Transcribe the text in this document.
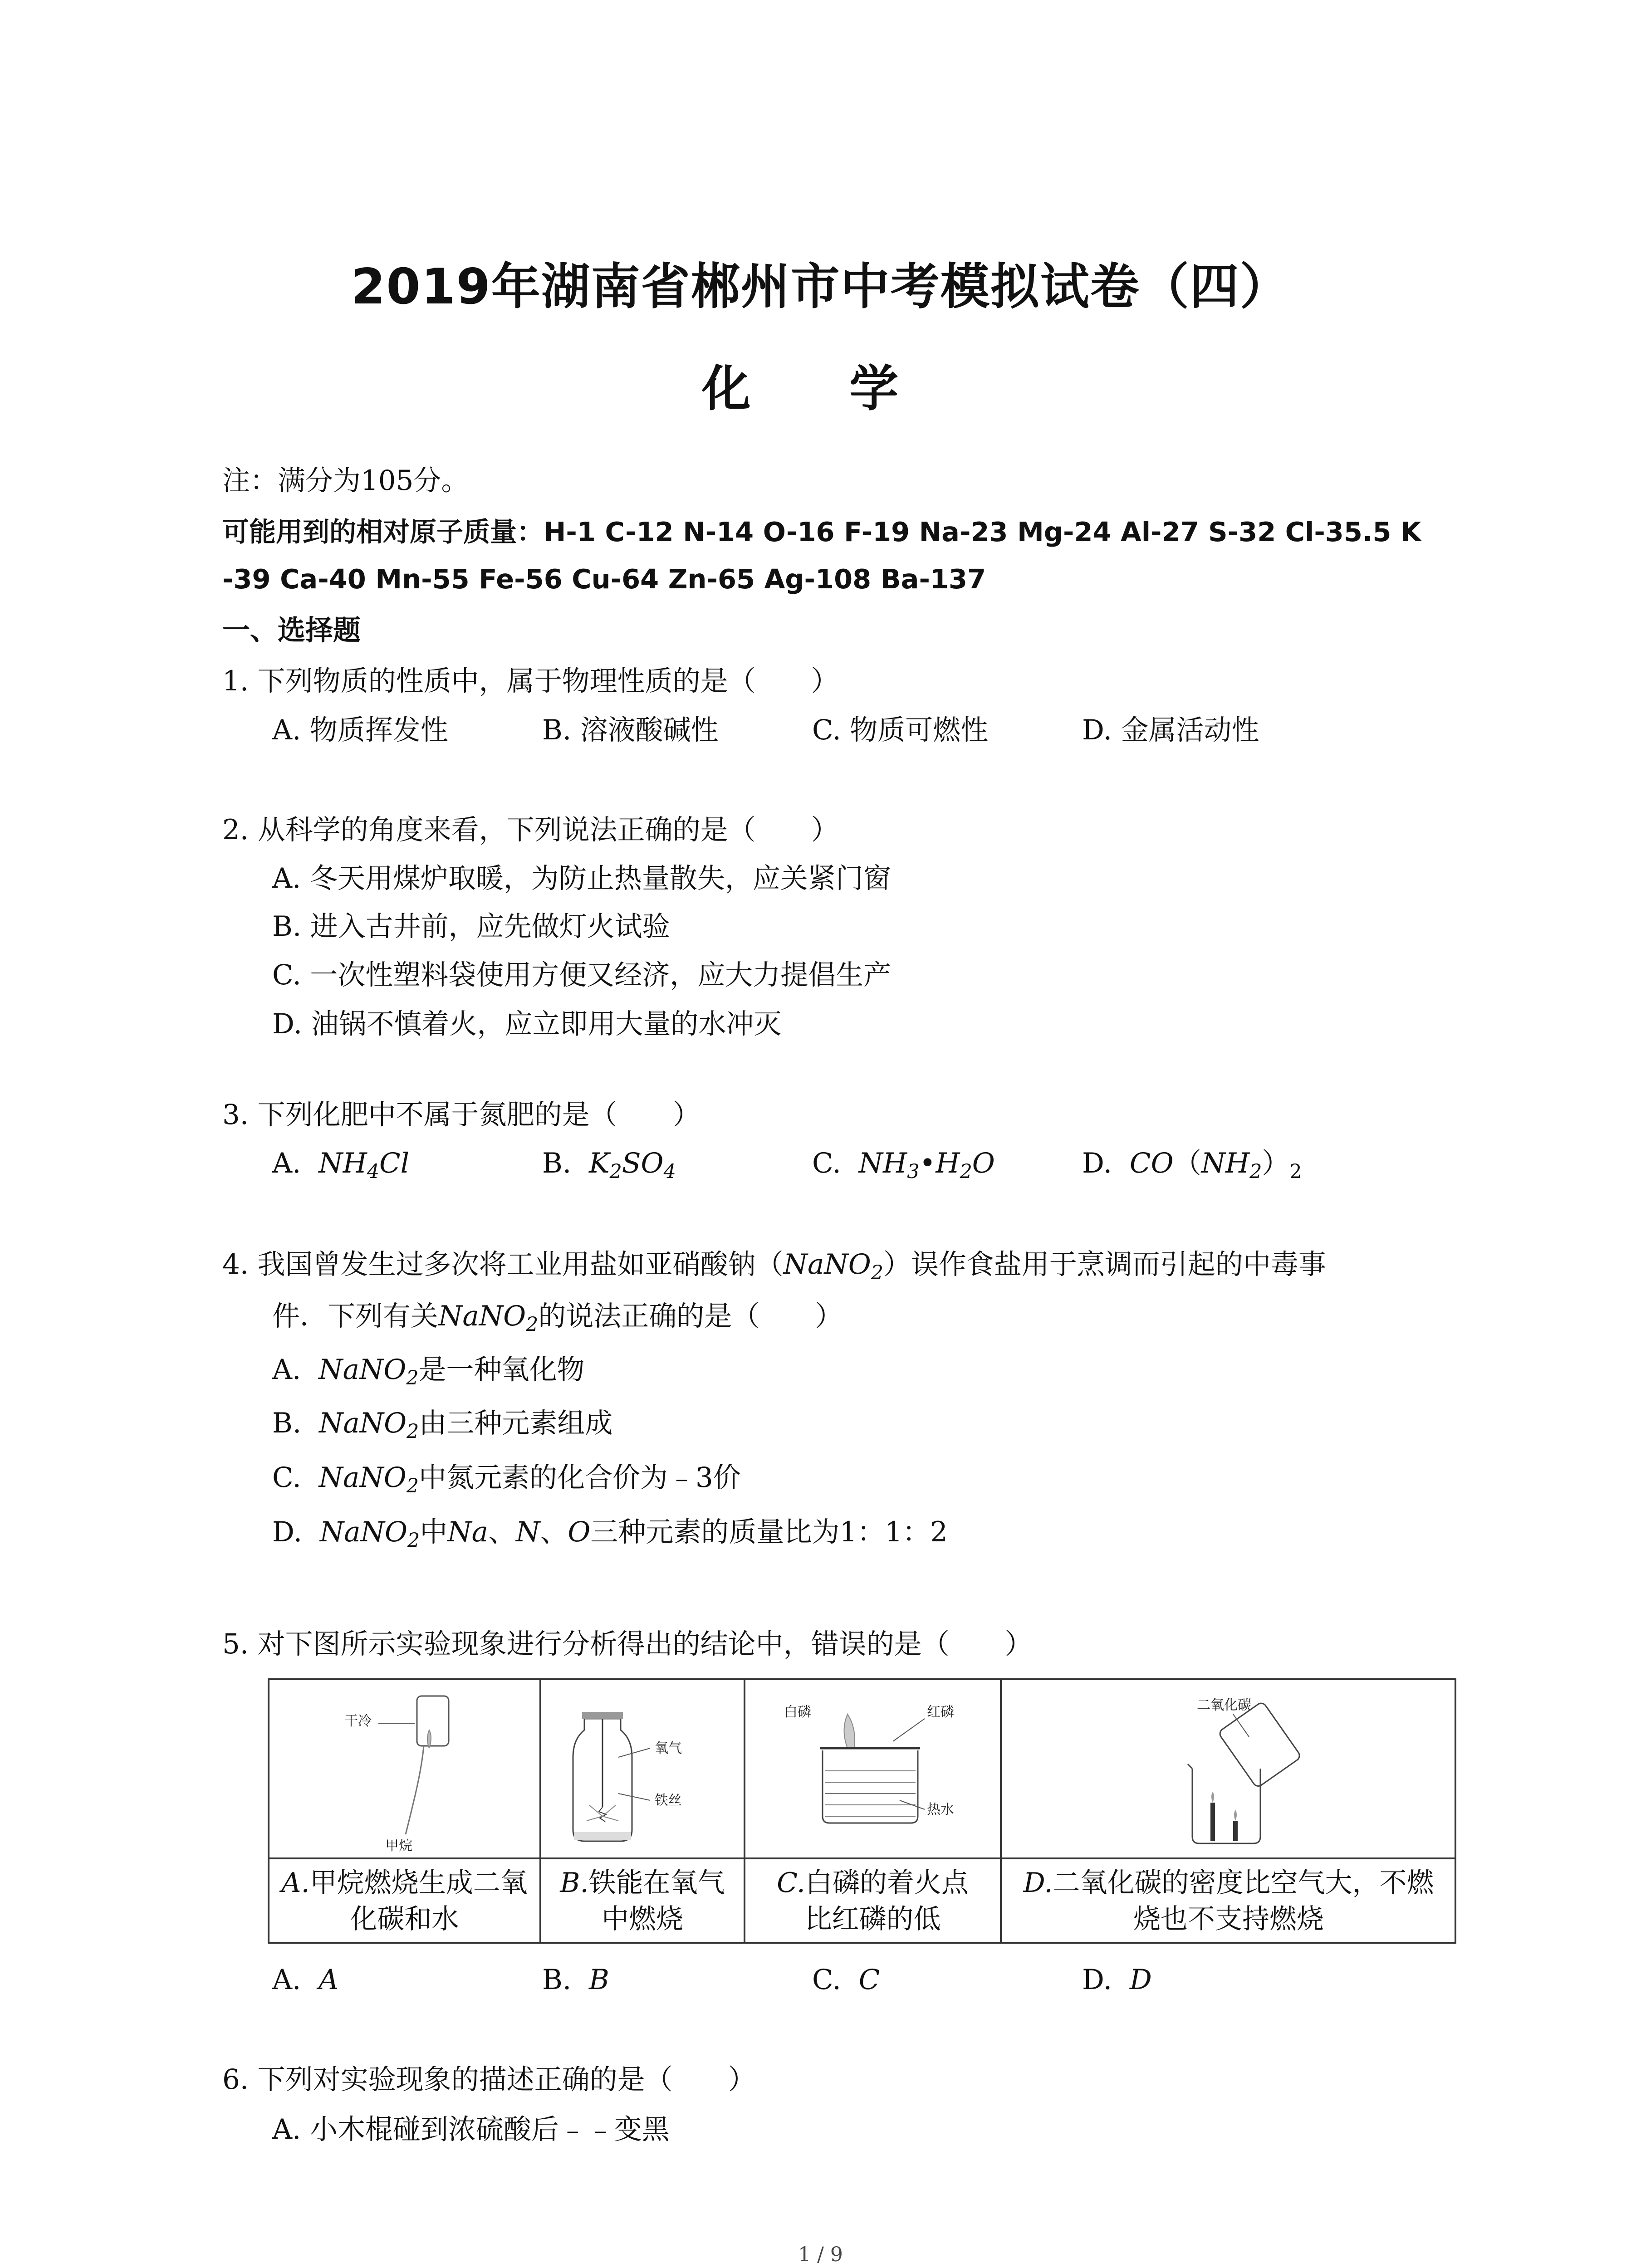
2019年湖南省郴州市中考模拟试卷（四）
化 学
注：满分为105分。
可能用到的相对原子质量：H-1 C-12 N-14 O-16 F-19 Na-23 Mg-24 Al-27 S-32 Cl-35.5 K
-39 Ca-40 Mn-55 Fe-56 Cu-64 Zn-65 Ag-108 Ba-137
一、选择题
1. 下列物质的性质中，属于物理性质的是（　　）
A. 物质挥发性	B. 溶液酸碱性	C. 物质可燃性	D. 金属活动性
2. 从科学的角度来看，下列说法正确的是（　　）
A. 冬天用煤炉取暖，为防止热量散失，应关紧门窗
B. 进入古井前，应先做灯火试验
C. 一次性塑料袋使用方便又经济，应大力提倡生产
D. 油锅不慎着火，应立即用大量的水冲灭
3. 下列化肥中不属于氮肥的是（　　）
A. $NH_4Cl$	B. $K_2SO_4$	C. $NH_3•H_2O$	D. $CO(NH_2)_2$
4. 我国曾发生过多次将工业用盐如亚硝酸钠（NaNO$_2$）误作食盐用于烹调而引起的中毒事
件．下列有关NaNO$_2$的说法正确的是（　　）
A. NaNO$_2$是一种氧化物
B. NaNO$_2$由三种元素组成
C. NaNO$_2$中氮元素的化合价为﹣3价
D. NaNO$_2$中Na、N、O三种元素的质量比为1：1：2
5. 对下图所示实验现象进行分析得出的结论中，错误的是（　　）
干冷
甲烷
氧气
铁丝
白磷	红磷
热水
二氧化碳
A.甲烷燃烧生成二氧化碳和水
B.铁能在氧气中燃烧
C.白磷的着火点比红磷的低
D.二氧化碳的密度比空气大，不燃烧也不支持燃烧
A. A	B. B	C. C	D. D
6. 下列对实验现象的描述正确的是（　　）
A. 小木棍碰到浓硫酸后﹣﹣变黑
1 / 9
